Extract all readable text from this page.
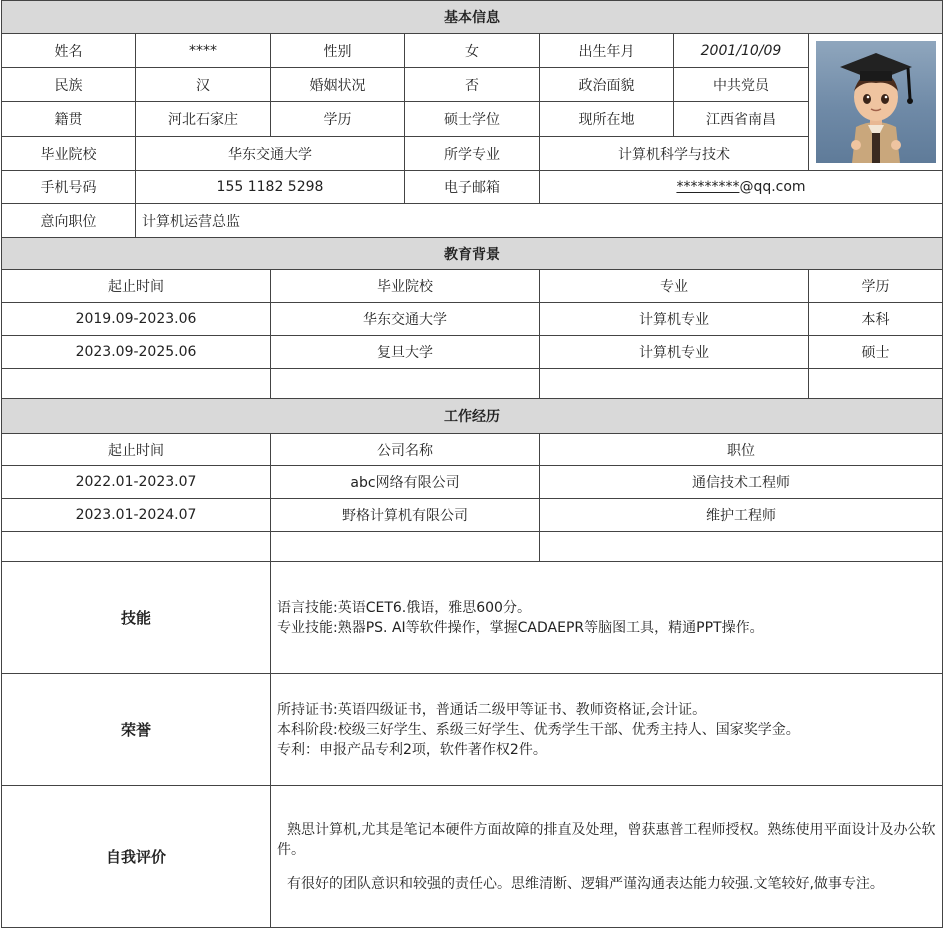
基本信息						
姓名	****	性别	女	出生年月	2001/10/09	

民族	汉	婚姻状况	否	政治面貌	中共党员	
籍贯	河北石家庄	学历	硕士学位	现所在地	江西省南昌	
毕业院校	华东交通大学		所学专业	计算机科学与技术		
手机号码	155 1182 5298		电子邮箱	*********@qq.com		
意向职位	计算机运营总监					
教育背景						
起止时间		毕业院校		专业		学历
2019.09-2023.06		华东交通大学		计算机专业		本科
2023.09-2025.06		复旦大学		计算机专业		硕士

工作经历						
起止时间		公司名称		职位		
2022.01-2023.07		abc网络有限公司		通信技术工程师		
2023.01-2024.07		野格计算机有限公司		维护工程师		

技能		语言技能:英语CET6.俄语，雅思600分。
专业技能:熟器PS. AI等软件操作，掌握CADAEPR等脑图工具，精通PPT操作。				

荣誉		所持证书:英语四级证书，普通话二级甲等证书、教师资格证,会计证。
本科阶段:校级三好学生、系级三好学生、优秀学生干部、优秀主持人、国家奖学金。
专利：申报产品专利2项，软件著作权2件。				

自我评价		熟思计算机,尤其是笔记本硬件方面故障的排直及处理，曾获惠普工程师授权。熟练使用平面设计及办公软件。
有很好的团队意识和较强的责任心。思维清断、逻辑严谨沟通表达能力较强.文笔较好,做事专注。				
